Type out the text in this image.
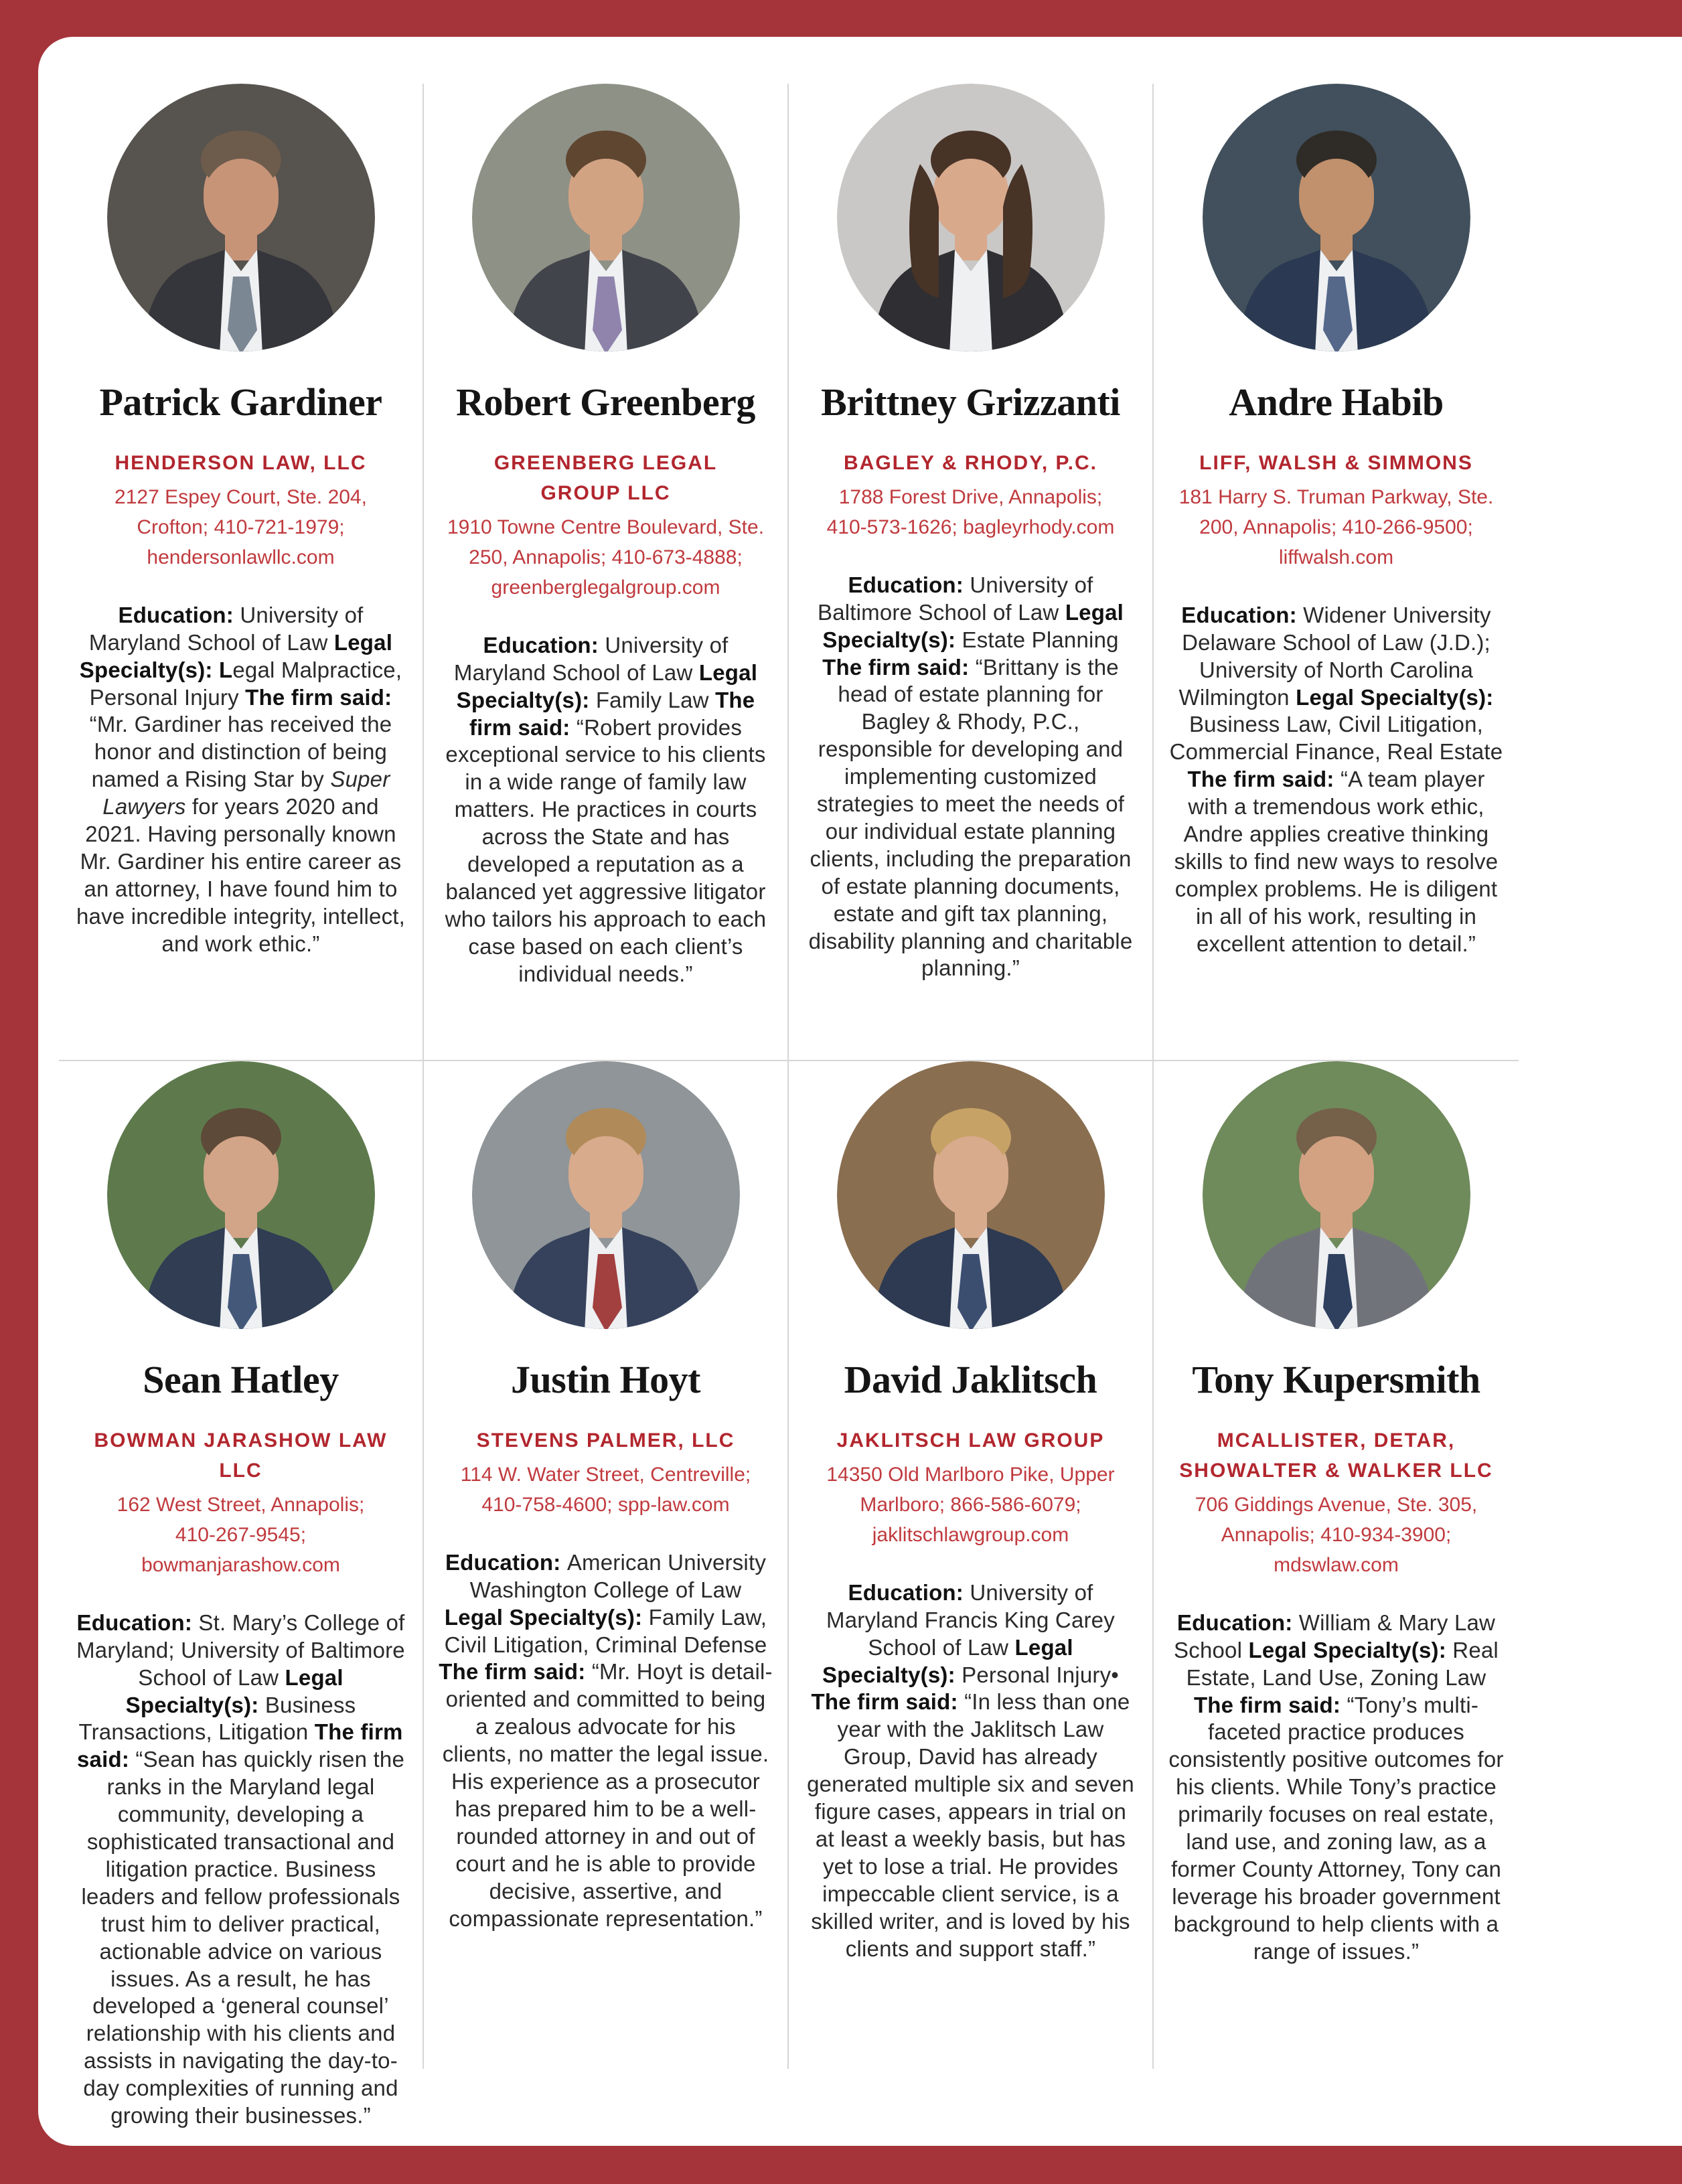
Patrick Gardiner
HENDERSON LAW, LLC
2127 Espey Court, Ste. 204,
Crofton; 410-721-1979;
hendersonlawllc.com

Education: University of Maryland School of Law Legal Specialty(s): Legal Malpractice, Personal Injury The firm said: “Mr. Gardiner has received the honor and distinction of being named a Rising Star by Super Lawyers for years 2020 and 2021. Having personally known Mr. Gardiner his entire career as an attorney, I have found him to have incredible integrity, intellect, and work ethic.”

Robert Greenberg
GREENBERG LEGAL
GROUP LLC
1910 Towne Centre Boulevard, Ste.
250, Annapolis; 410-673-4888;
greenberglegalgroup.com

Education: University of Maryland School of Law Legal Specialty(s): Family Law The firm said: “Robert provides exceptional service to his clients in a wide range of family law matters. He practices in courts across the State and has developed a reputation as a balanced yet aggressive litigator who tailors his approach to each case based on each client’s individual needs.”

Brittney Grizzanti
BAGLEY & RHODY, P.C.
1788 Forest Drive, Annapolis;
410-573-1626; bagleyrhody.com

Education: University of Baltimore School of Law Legal Specialty(s): Estate Planning The firm said: “Brittany is the head of estate planning for Bagley & Rhody, P.C., responsible for developing and implementing customized strategies to meet the needs of our individual estate planning clients, including the preparation of estate planning documents, estate and gift tax planning, disability planning and charitable planning.”

Andre Habib
LIFF, WALSH & SIMMONS
181 Harry S. Truman Parkway, Ste.
200, Annapolis; 410-266-9500;
liffwalsh.com

Education: Widener University Delaware School of Law (J.D.); University of North Carolina Wilmington Legal Specialty(s): Business Law, Civil Litigation, Commercial Finance, Real Estate The firm said: “A team player with a tremendous work ethic, Andre applies creative thinking skills to find new ways to resolve complex problems. He is diligent in all of his work, resulting in excellent attention to detail.”

Sean Hatley
BOWMAN JARASHOW LAW LLC
162 West Street, Annapolis;
410-267-9545; bowmanjarashow.com

Education: St. Mary’s College of Maryland; University of Baltimore School of Law Legal Specialty(s): Business Transactions, Litigation The firm said: “Sean has quickly risen the ranks in the Maryland legal community, developing a sophisticated transactional and litigation practice. Business leaders and fellow professionals trust him to deliver practical, actionable advice on various issues. As a result, he has developed a ‘general counsel’ relationship with his clients and assists in navigating the day-to-day complexities of running and growing their businesses.”

Justin Hoyt
STEVENS PALMER, LLC
114 W. Water Street, Centreville;
410-758-4600; spp-law.com

Education: American University Washington College of Law Legal Specialty(s): Family Law, Civil Litigation, Criminal Defense The firm said: “Mr. Hoyt is detail-oriented and committed to being a zealous advocate for his clients, no matter the legal issue. His experience as a prosecutor has prepared him to be a well-rounded attorney in and out of court and he is able to provide decisive, assertive, and compassionate representation.”

David Jaklitsch
JAKLITSCH LAW GROUP
14350 Old Marlboro Pike, Upper
Marlboro; 866-586-6079;
jaklitschlawgroup.com

Education: University of Maryland Francis King Carey School of Law Legal Specialty(s): Personal Injury• The firm said: “In less than one year with the Jaklitsch Law Group, David has already generated multiple six and seven figure cases, appears in trial on at least a weekly basis, but has yet to lose a trial. He provides impeccable client service, is a skilled writer, and is loved by his clients and support staff.”

Tony Kupersmith
MCALLISTER, DETAR,
SHOWALTER & WALKER LLC
706 Giddings Avenue, Ste. 305,
Annapolis; 410-934-3900;
mdswlaw.com

Education: William & Mary Law School Legal Specialty(s): Real Estate, Land Use, Zoning Law The firm said: “Tony’s multi-faceted practice produces consistently positive outcomes for his clients. While Tony’s practice primarily focuses on real estate, land use, and zoning law, as a former County Attorney, Tony can leverage his broader government background to help clients with a range of issues.”
